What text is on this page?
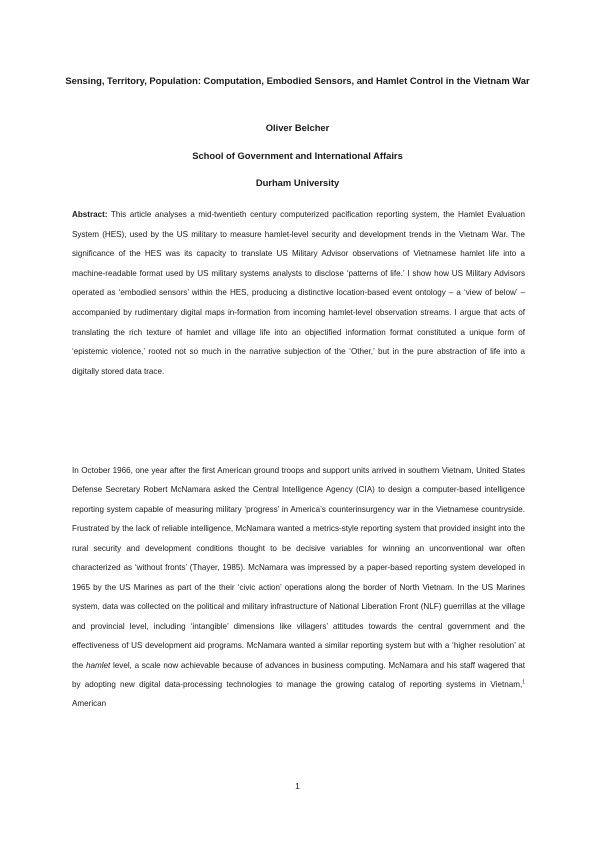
Sensing, Territory, Population: Computation, Embodied Sensors, and Hamlet Control in the Vietnam War

Oliver Belcher

School of Government and International Affairs

Durham University

Abstract: This article analyses a mid-twentieth century computerized pacification reporting system, the Hamlet Evaluation System (HES), used by the US military to measure hamlet-level security and development trends in the Vietnam War. The significance of the HES was its capacity to translate US Military Advisor observations of Vietnamese hamlet life into a machine-readable format used by US military systems analysts to disclose ‘patterns of life.’ I show how US Military Advisors operated as ‘embodied sensors’ within the HES, producing a distinctive location-based event ontology – a ‘view of below’ – accompanied by rudimentary digital maps in-formation from incoming hamlet-level observation streams. I argue that acts of translating the rich texture of hamlet and village life into an objectified information format constituted a unique form of ‘epistemic violence,’ rooted not so much in the narrative subjection of the ‘Other,’ but in the pure abstraction of life into a digitally stored data trace.

In October 1966, one year after the first American ground troops and support units arrived in southern Vietnam, United States Defense Secretary Robert McNamara asked the Central Intelligence Agency (CIA) to design a computer-based intelligence reporting system capable of measuring military ‘progress’ in America’s counterinsurgency war in the Vietnamese countryside. Frustrated by the lack of reliable intelligence, McNamara wanted a metrics-style reporting system that provided insight into the rural security and development conditions thought to be decisive variables for winning an unconventional war often characterized as ‘without fronts’ (Thayer, 1985). McNamara was impressed by a paper-based reporting system developed in 1965 by the US Marines as part of the their ‘civic action’ operations along the border of North Vietnam. In the US Marines system, data was collected on the political and military infrastructure of National Liberation Front (NLF) guerrillas at the village and provincial level, including ‘intangible’ dimensions like villagers’ attitudes towards the central government and the effectiveness of US development aid programs. McNamara wanted a similar reporting system but with a ‘higher resolution’ at the hamlet level, a scale now achievable because of advances in business computing. McNamara and his staff wagered that by adopting new digital data-processing technologies to manage the growing catalog of reporting systems in Vietnam,$^1$ American

1
